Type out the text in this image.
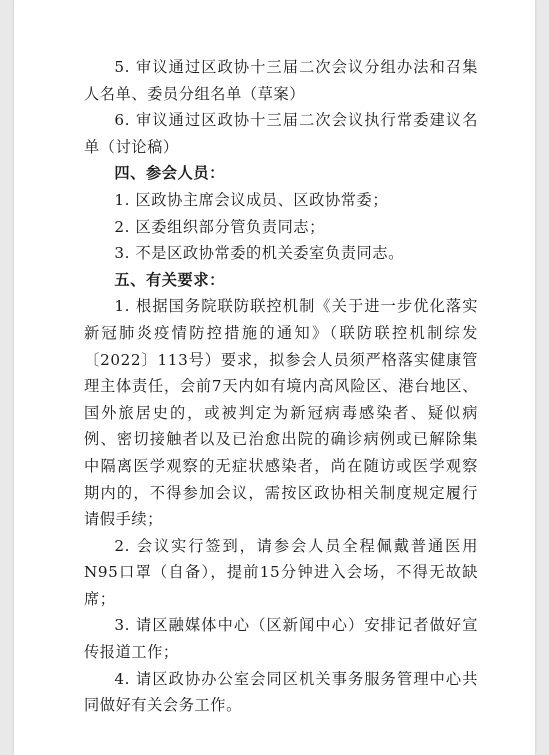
5. 审议通过区政协十三届二次会议分组办法和召集人名单、委员分组名单（草案）

6. 审议通过区政协十三届二次会议执行常委建议名单（讨论稿）

四、参会人员：

1. 区政协主席会议成员、区政协常委；

2. 区委组织部分管负责同志；

3. 不是区政协常委的机关委室负责同志。

五、有关要求：

1. 根据国务院联防联控机制《关于进一步优化落实新冠肺炎疫情防控措施的通知》（联防联控机制综发〔2022〕113号）要求，拟参会人员须严格落实健康管理主体责任，会前7天内如有境内高风险区、港台地区、国外旅居史的，或被判定为新冠病毒感染者、疑似病例、密切接触者以及已治愈出院的确诊病例或已解除集中隔离医学观察的无症状感染者，尚在随访或医学观察期内的，不得参加会议，需按区政协相关制度规定履行请假手续；

2. 会议实行签到，请参会人员全程佩戴普通医用N95口罩（自备），提前15分钟进入会场，不得无故缺席；

3. 请区融媒体中心（区新闻中心）安排记者做好宣传报道工作；

4. 请区政协办公室会同区机关事务服务管理中心共同做好有关会务工作。
